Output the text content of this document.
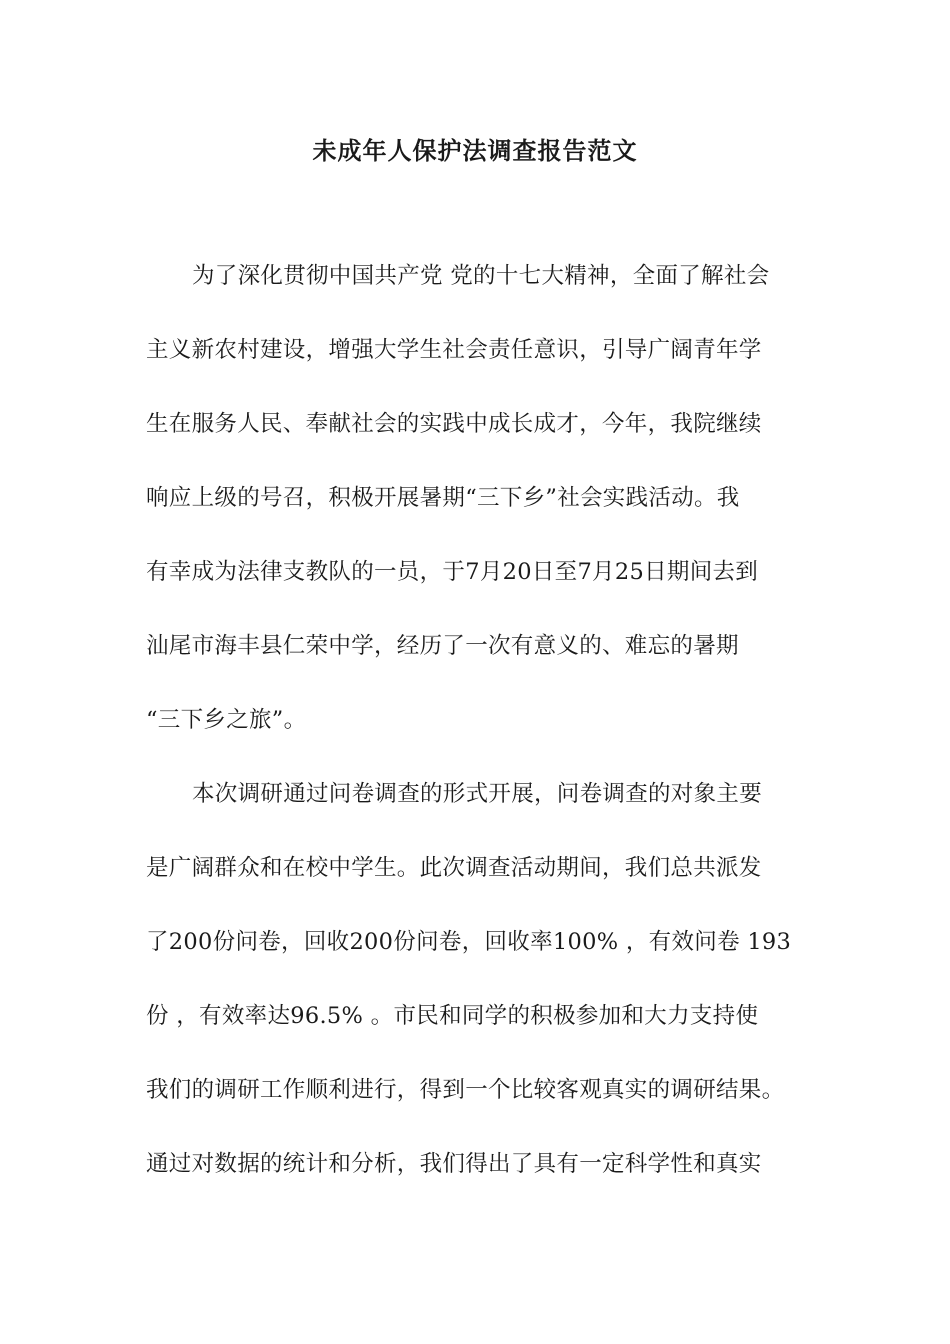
未成年人保护法调查报告范文
为了深化贯彻中国共产党 党的十七大精神，全面了解社会
主义新农村建设，增强大学生社会责任意识，引导广阔青年学
生在服务人民、奉献社会的实践中成长成才，今年，我院继续
响应上级的号召，积极开展暑期“三下乡”社会实践活动。我
有幸成为法律支教队的一员，于7月20日至7月25日期间去到
汕尾市海丰县仁荣中学，经历了一次有意义的、难忘的暑期
“三下乡之旅”。
本次调研通过问卷调查的形式开展，问卷调查的对象主要
是广阔群众和在校中学生。此次调查活动期间，我们总共派发
了200份问卷，回收200份问卷，回收率100% ，有效问卷 193
份 ，有效率达96.5% 。市民和同学的积极参加和大力支持使
我们的调研工作顺利进行，得到一个比较客观真实的调研结果。
通过对数据的统计和分析，我们得出了具有一定科学性和真实
